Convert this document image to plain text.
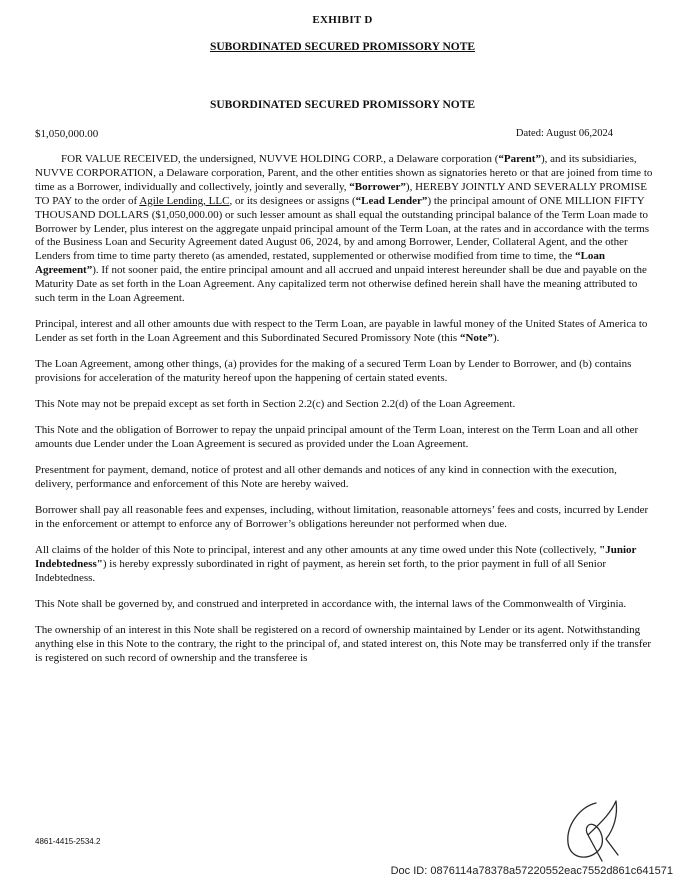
EXHIBIT D
SUBORDINATED SECURED PROMISSORY NOTE
SUBORDINATED SECURED PROMISSORY NOTE
$1,050,000.00	Dated: August 06,2024

FOR VALUE RECEIVED, the undersigned, NUVVE HOLDING CORP., a Delaware corporation (“Parent”), and its subsidiaries, NUVVE CORPORATION, a Delaware corporation, Parent, and the other entities shown as signatories hereto or that are joined from time to time as a Borrower, individually and collectively, jointly and severally, “Borrower”), HEREBY JOINTLY AND SEVERALLY PROMISE TO PAY to the order of Agile Lending, LLC, or its designees or assigns (“Lead Lender”) the principal amount of ONE MILLION FIFTY THOUSAND DOLLARS ($1,050,000.00) or such lesser amount as shall equal the outstanding principal balance of the Term Loan made to Borrower by Lender, plus interest on the aggregate unpaid principal amount of the Term Loan, at the rates and in accordance with the terms of the Business Loan and Security Agreement dated August 06, 2024, by and among Borrower, Lender, Collateral Agent, and the other Lenders from time to time party thereto (as amended, restated, supplemented or otherwise modified from time to time, the “Loan Agreement”). If not sooner paid, the entire principal amount and all accrued and unpaid interest hereunder shall be due and payable on the Maturity Date as set forth in the Loan Agreement. Any capitalized term not otherwise defined herein shall have the meaning attributed to such term in the Loan Agreement.

Principal, interest and all other amounts due with respect to the Term Loan, are payable in lawful money of the United States of America to Lender as set forth in the Loan Agreement and this Subordinated Secured Promissory Note (this “Note”).

The Loan Agreement, among other things, (a) provides for the making of a secured Term Loan by Lender to Borrower, and (b) contains provisions for acceleration of the maturity hereof upon the happening of certain stated events.

This Note may not be prepaid except as set forth in Section 2.2(c) and Section 2.2(d) of the Loan Agreement.

This Note and the obligation of Borrower to repay the unpaid principal amount of the Term Loan, interest on the Term Loan and all other amounts due Lender under the Loan Agreement is secured as provided under the Loan Agreement.

Presentment for payment, demand, notice of protest and all other demands and notices of any kind in connection with the execution, delivery, performance and enforcement of this Note are hereby waived.

Borrower shall pay all reasonable fees and expenses, including, without limitation, reasonable attorneys’ fees and costs, incurred by Lender in the enforcement or attempt to enforce any of Borrower’s obligations hereunder not performed when due.

All claims of the holder of this Note to principal, interest and any other amounts at any time owed under this Note (collectively, "Junior Indebtedness") is hereby expressly subordinated in right of payment, as herein set forth, to the prior payment in full of all Senior Indebtedness.

This Note shall be governed by, and construed and interpreted in accordance with, the internal laws of the Commonwealth of Virginia.

The ownership of an interest in this Note shall be registered on a record of ownership maintained by Lender or its agent. Notwithstanding anything else in this Note to the contrary, the right to the principal of, and stated interest on, this Note may be transferred only if the transfer is registered on such record of ownership and the transferee is

4861-4415-2534.2
Doc ID: 0876114a78378a57220552eac7552d861c641571
